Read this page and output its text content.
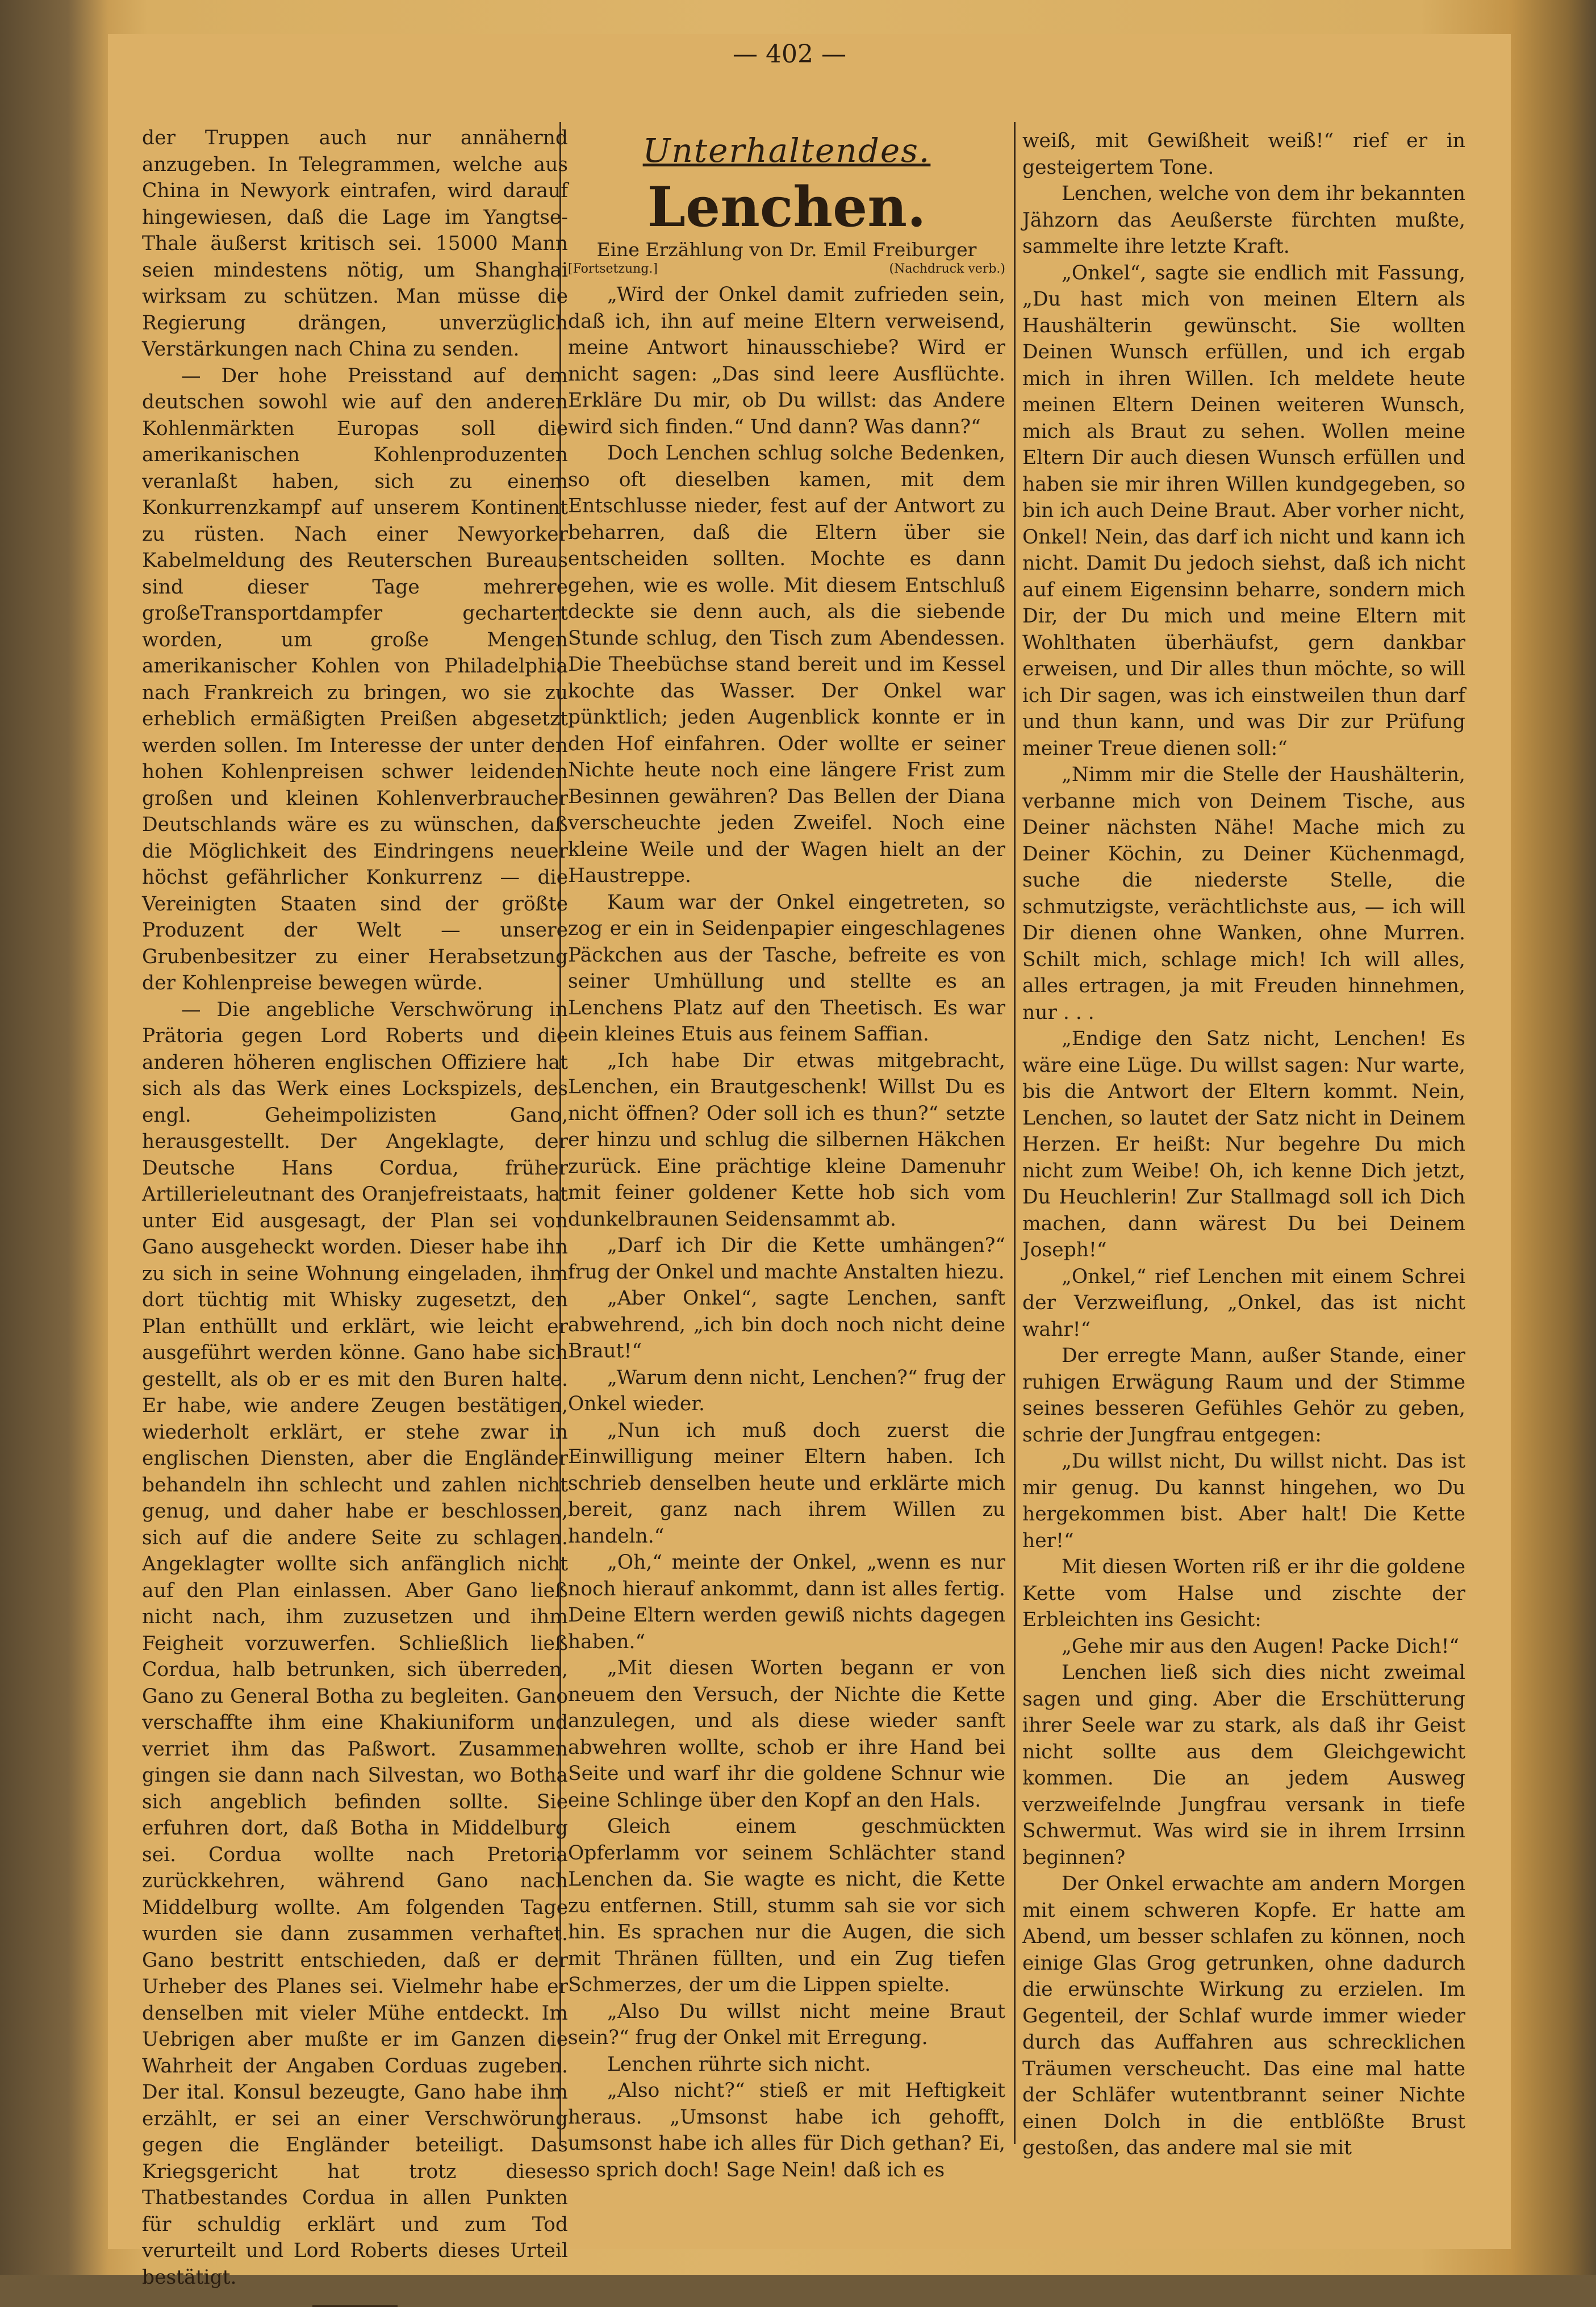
— 402 —

der Truppen auch nur annähernd anzugeben. In Telegrammen, welche aus China in Newyork eintrafen, wird darauf hingewiesen, daß die Lage im Yangtse-Thale äußerst kritisch sei. 15000 Mann seien mindestens nötig, um Shanghai wirksam zu schützen. Man müsse die Regierung drängen, unverzüglich Verstärkungen nach China zu senden.

— Der hohe Preisstand auf dem deutschen sowohl wie auf den anderen Kohlenmärkten Europas soll die amerikanischen Kohlenproduzenten veranlaßt haben, sich zu einem Konkurrenzkampf auf unserem Kontinent zu rüsten. Nach einer Newyorker Kabelmeldung des Reuterschen Bureaus sind dieser Tage mehrere großeTransportdampfer gechartert worden, um große Mengen amerikanischer Kohlen von Philadelphia nach Frankreich zu bringen, wo sie zu erheblich ermäßigten Preißen abgesetzt werden sollen. Im Interesse der unter den hohen Kohlenpreisen schwer leidenden großen und kleinen Kohlenverbraucher Deutschlands wäre es zu wünschen, daß die Möglichkeit des Eindringens neuer höchst gefährlicher Konkurrenz — die Vereinigten Staaten sind der größte Produzent der Welt — unsere Grubenbesitzer zu einer Herabsetzung der Kohlenpreise bewegen würde.

— Die angebliche Verschwörung in Prätoria gegen Lord Roberts und die anderen höheren englischen Offiziere hat sich als das Werk eines Lockspizels, des engl. Geheimpolizisten Gano, herausgestellt. Der Angeklagte, der Deutsche Hans Cordua, früher Artillerieleutnant des Oranjefreistaats, hat unter Eid ausgesagt, der Plan sei von Gano ausgeheckt worden. Dieser habe ihn zu sich in seine Wohnung eingeladen, ihm dort tüchtig mit Whisky zugesetzt, den Plan enthüllt und erklärt, wie leicht er ausgeführt werden könne. Gano habe sich gestellt, als ob er es mit den Buren halte. Er habe, wie andere Zeugen bestätigen, wiederholt erklärt, er stehe zwar in englischen Diensten, aber die Engländer behandeln ihn schlecht und zahlen nicht genug, und daher habe er beschlossen, sich auf die andere Seite zu schlagen. Angeklagter wollte sich anfänglich nicht auf den Plan einlassen. Aber Gano ließ nicht nach, ihm zuzusetzen und ihm Feigheit vorzuwerfen. Schließlich ließ Cordua, halb betrunken, sich überreden, Gano zu General Botha zu begleiten. Gano verschaffte ihm eine Khakiuniform und verriet ihm das Paßwort. Zusammen gingen sie dann nach Silvestan, wo Botha sich angeblich befinden sollte. Sie erfuhren dort, daß Botha in Middelburg sei. Cordua wollte nach Pretoria zurückkehren, während Gano nach Middelburg wollte. Am folgenden Tage wurden sie dann zusammen verhaftet. Gano bestritt entschieden, daß er der Urheber des Planes sei. Vielmehr habe er denselben mit vieler Mühe entdeckt. Im Uebrigen aber mußte er im Ganzen die Wahrheit der Angaben Corduas zugeben. Der ital. Konsul bezeugte, Gano habe ihm erzählt, er sei an einer Verschwörung gegen die Engländer beteiligt. Das Kriegsgericht hat trotz dieses Thatbestandes Cordua in allen Punkten für schuldig erklärt und zum Tod verurteilt und Lord Roberts dieses Urteil bestätigt.

Unterhaltendes.
Lenchen.
Eine Erzählung von Dr. Emil Freiburger
[Fortsetzung.]	(Nachdruck verb.)

„Wird der Onkel damit zufrieden sein, daß ich, ihn auf meine Eltern verweisend, meine Antwort hinausschiebe? Wird er nicht sagen: „Das sind leere Ausflüchte. Erkläre Du mir, ob Du willst: das Andere wird sich finden.“ Und dann? Was dann?“

Doch Lenchen schlug solche Bedenken, so oft dieselben kamen, mit dem Entschlusse nieder, fest auf der Antwort zu beharren, daß die Eltern über sie entscheiden sollten. Mochte es dann gehen, wie es wolle. Mit diesem Entschluß deckte sie denn auch, als die siebende Stunde schlug, den Tisch zum Abendessen. Die Theebüchse stand bereit und im Kessel kochte das Wasser. Der Onkel war pünktlich; jeden Augenblick konnte er in den Hof einfahren. Oder wollte er seiner Nichte heute noch eine längere Frist zum Besinnen gewähren? Das Bellen der Diana verscheuchte jeden Zweifel. Noch eine kleine Weile und der Wagen hielt an der Haustreppe.

Kaum war der Onkel eingetreten, so zog er ein in Seidenpapier eingeschlagenes Päckchen aus der Tasche, befreite es von seiner Umhüllung und stellte es an Lenchens Platz auf den Theetisch. Es war ein kleines Etuis aus feinem Saffian.

„Ich habe Dir etwas mitgebracht, Lenchen, ein Brautgeschenk! Willst Du es nicht öffnen? Oder soll ich es thun?“ setzte er hinzu und schlug die silbernen Häkchen zurück. Eine prächtige kleine Damenuhr mit feiner goldener Kette hob sich vom dunkelbraunen Seidensammt ab.

„Darf ich Dir die Kette umhängen?“ frug der Onkel und machte Anstalten hiezu.

„Aber Onkel“, sagte Lenchen, sanft abwehrend, „ich bin doch noch nicht deine Braut!“

„Warum denn nicht, Lenchen?“ frug der Onkel wieder.

„Nun ich muß doch zuerst die Einwilligung meiner Eltern haben. Ich schrieb denselben heute und erklärte mich bereit, ganz nach ihrem Willen zu handeln.“

„Oh,“ meinte der Onkel, „wenn es nur noch hierauf ankommt, dann ist alles fertig. Deine Eltern werden gewiß nichts dagegen haben.“

„Mit diesen Worten begann er von neuem den Versuch, der Nichte die Kette anzulegen, und als diese wieder sanft abwehren wollte, schob er ihre Hand bei Seite und warf ihr die goldene Schnur wie eine Schlinge über den Kopf an den Hals.

Gleich einem geschmückten Opferlamm vor seinem Schlächter stand Lenchen da. Sie wagte es nicht, die Kette zu entfernen. Still, stumm sah sie vor sich hin. Es sprachen nur die Augen, die sich mit Thränen füllten, und ein Zug tiefen Schmerzes, der um die Lippen spielte.

„Also Du willst nicht meine Braut sein?“ frug der Onkel mit Erregung.

Lenchen rührte sich nicht.

„Also nicht?“ stieß er mit Heftigkeit heraus. „Umsonst habe ich gehofft, umsonst habe ich alles für Dich gethan? Ei, so sprich doch! Sage Nein! daß ich es

weiß, mit Gewißheit weiß!“ rief er in gesteigertem Tone.

Lenchen, welche von dem ihr bekannten Jähzorn das Aeußerste fürchten mußte, sammelte ihre letzte Kraft.

„Onkel“, sagte sie endlich mit Fassung, „Du hast mich von meinen Eltern als Haushälterin gewünscht. Sie wollten Deinen Wunsch erfüllen, und ich ergab mich in ihren Willen. Ich meldete heute meinen Eltern Deinen weiteren Wunsch, mich als Braut zu sehen. Wollen meine Eltern Dir auch diesen Wunsch erfüllen und haben sie mir ihren Willen kundgegeben, so bin ich auch Deine Braut. Aber vorher nicht, Onkel! Nein, das darf ich nicht und kann ich nicht. Damit Du jedoch siehst, daß ich nicht auf einem Eigensinn beharre, sondern mich Dir, der Du mich und meine Eltern mit Wohlthaten überhäufst, gern dankbar erweisen, und Dir alles thun möchte, so will ich Dir sagen, was ich einstweilen thun darf und thun kann, und was Dir zur Prüfung meiner Treue dienen soll:“

„Nimm mir die Stelle der Haushälterin, verbanne mich von Deinem Tische, aus Deiner nächsten Nähe! Mache mich zu Deiner Köchin, zu Deiner Küchenmagd, suche die niederste Stelle, die schmutzigste, verächtlichste aus, — ich will Dir dienen ohne Wanken, ohne Murren. Schilt mich, schlage mich! Ich will alles, alles ertragen, ja mit Freuden hinnehmen, nur . . .

„Endige den Satz nicht, Lenchen! Es wäre eine Lüge. Du willst sagen: Nur warte, bis die Antwort der Eltern kommt. Nein, Lenchen, so lautet der Satz nicht in Deinem Herzen. Er heißt: Nur begehre Du mich nicht zum Weibe! Oh, ich kenne Dich jetzt, Du Heuchlerin! Zur Stallmagd soll ich Dich machen, dann wärest Du bei Deinem Joseph!“

„Onkel,“ rief Lenchen mit einem Schrei der Verzweiflung, „Onkel, das ist nicht wahr!“

Der erregte Mann, außer Stande, einer ruhigen Erwägung Raum und der Stimme seines besseren Gefühles Gehör zu geben, schrie der Jungfrau entgegen:

„Du willst nicht, Du willst nicht. Das ist mir genug. Du kannst hingehen, wo Du hergekommen bist. Aber halt! Die Kette her!“

Mit diesen Worten riß er ihr die goldene Kette vom Halse und zischte der Erbleichten ins Gesicht:

„Gehe mir aus den Augen! Packe Dich!“

Lenchen ließ sich dies nicht zweimal sagen und ging. Aber die Erschütterung ihrer Seele war zu stark, als daß ihr Geist nicht sollte aus dem Gleichgewicht kommen. Die an jedem Ausweg verzweifelnde Jungfrau versank in tiefe Schwermut. Was wird sie in ihrem Irrsinn beginnen?

Der Onkel erwachte am andern Morgen mit einem schweren Kopfe. Er hatte am Abend, um besser schlafen zu können, noch einige Glas Grog getrunken, ohne dadurch die erwünschte Wirkung zu erzielen. Im Gegenteil, der Schlaf wurde immer wieder durch das Auffahren aus schrecklichen Träumen verscheucht. Das eine mal hatte der Schläfer wutentbrannt seiner Nichte einen Dolch in die entblößte Brust gestoßen, das andere mal sie mit
